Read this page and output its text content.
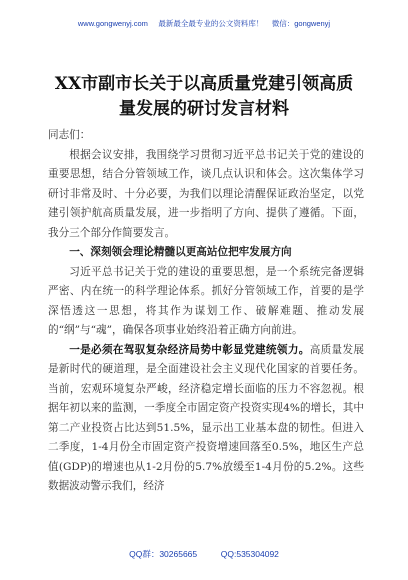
www.gongwenyj.com 最新最全最专业的公文资料库！ 微信：gongwenyj
XX市副市长关于以高质量党建引领高质
量发展的研讨发言材料

同志们：

根据会议安排，我围绕学习贯彻习近平总书记关于党的建设的重要思想，结合分管领域工作，谈几点认识和体会。这次集体学习研讨非常及时、十分必要，为我们以理论清醒保证政治坚定，以党建引领护航高质量发展，进一步指明了方向、提供了遵循。下面，我分三个部分作简要发言。

一、深刻领会理论精髓以更高站位把牢发展方向

习近平总书记关于党的建设的重要思想，是一个系统完备逻辑严密、内在统一的科学理论体系。抓好分管领域工作，首要的是学深悟透这一思想，将其作为谋划工作、破解难题、推动发展的“纲”与“魂”，确保各项事业始终沿着正确方向前进。

一是必须在驾驭复杂经济局势中彰显党建统领力。高质量发展是新时代的硬道理，是全面建设社会主义现代化国家的首要任务。当前，宏观环境复杂严峻，经济稳定增长面临的压力不容忽视。根据年初以来的监测，一季度全市固定资产投资实现4%的增长，其中第二产业投资占比达到51.5%，显示出工业基本盘的韧性。但进入二季度，1-4月份全市固定资产投资增速回落至0.5%，地区生产总值(GDP)的增速也从1-2月份的5.7%放缓至1-4月份的5.2%。这些数据波动警示我们，经济

QQ群：30265665	QQ:535304092
